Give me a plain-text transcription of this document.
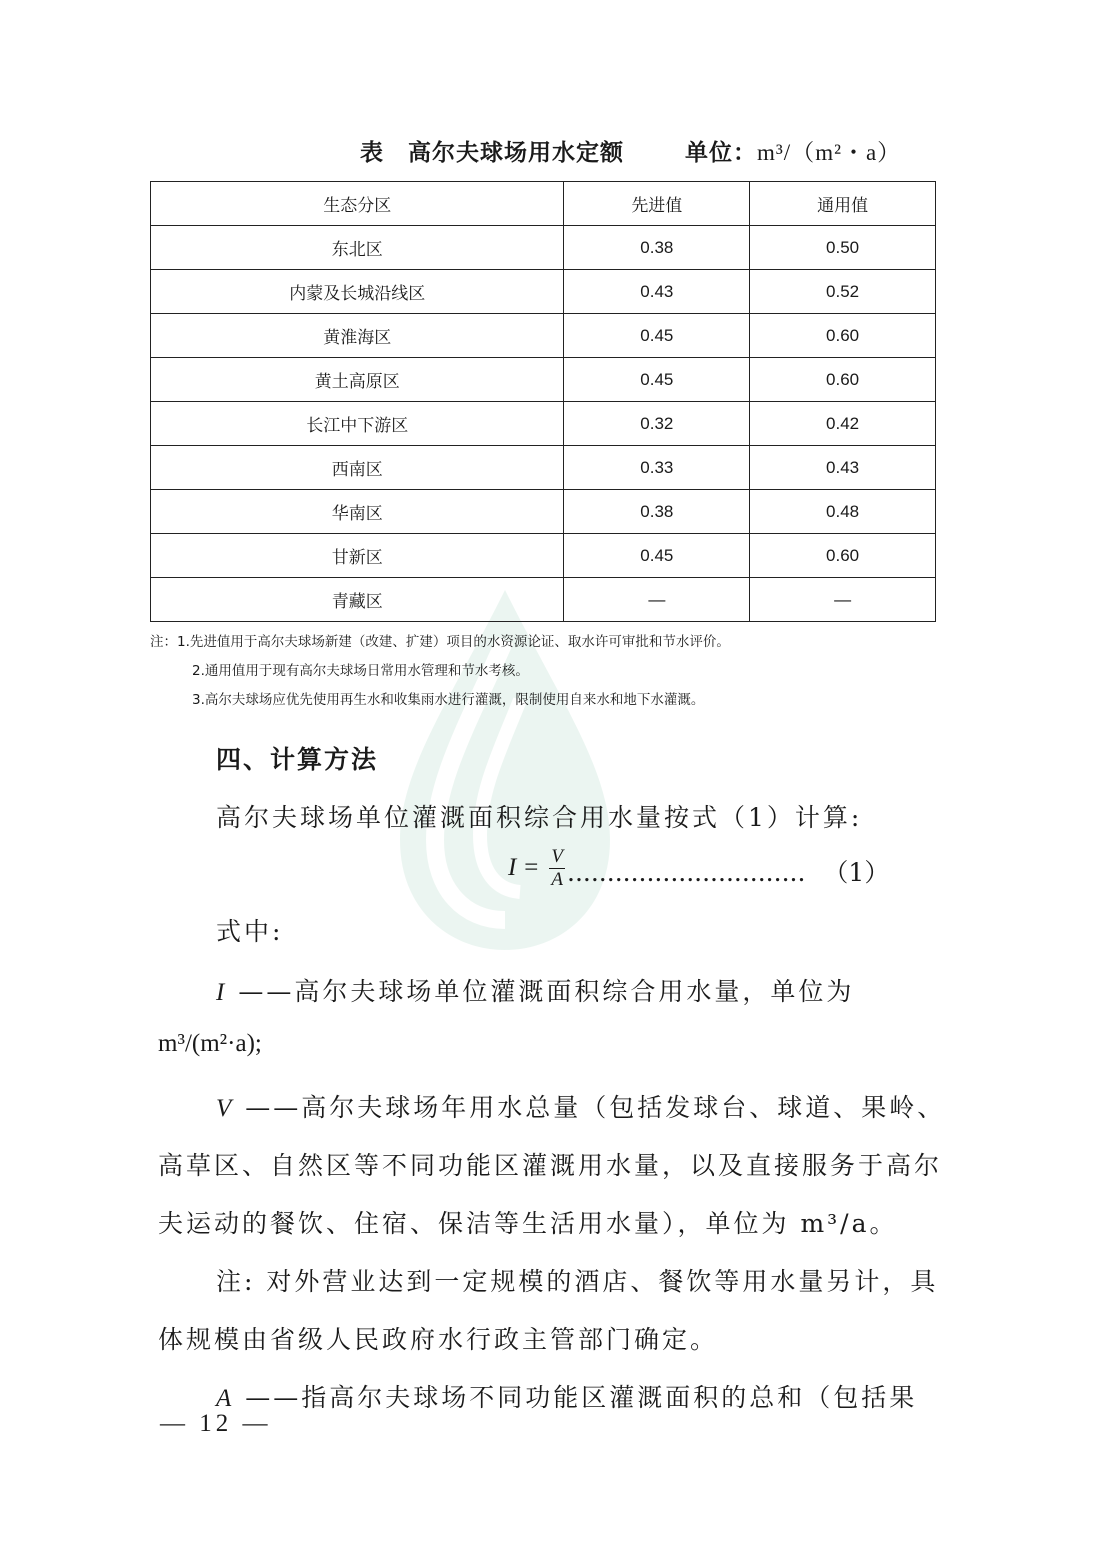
表　高尔夫球场用水定额	单位：m³/（m²・a）
生态分区	先进值	通用值
东北区	0.38	0.50
内蒙及长城沿线区	0.43	0.52
黄淮海区	0.45	0.60
黄土高原区	0.45	0.60
长江中下游区	0.32	0.42
西南区	0.33	0.43
华南区	0.38	0.48
甘新区	0.45	0.60
青藏区	—	—
注：1.先进值用于高尔夫球场新建（改建、扩建）项目的水资源论证、取水许可审批和节水评价。
2.通用值用于现有高尔夫球场日常用水管理和节水考核。
3.高尔夫球场应优先使用再生水和收集雨水进行灌溉，限制使用自来水和地下水灌溉。
四、计算方法
高尔夫球场单位灌溉面积综合用水量按式（1）计算:
$I = \frac{V}{A}$ .............................. （1）
式中:
I ——高尔夫球场单位灌溉面积综合用水量，单位为
m³/(m²·a);
V ——高尔夫球场年用水总量（包括发球台、球道、果岭、
高草区、自然区等不同功能区灌溉用水量，以及直接服务于高尔
夫运动的餐饮、住宿、保洁等生活用水量），单位为 m³/a。
注: 对外营业达到一定规模的酒店、餐饮等用水量另计，具
体规模由省级人民政府水行政主管部门确定。
A ——指高尔夫球场不同功能区灌溉面积的总和（包括果
— 12 —
